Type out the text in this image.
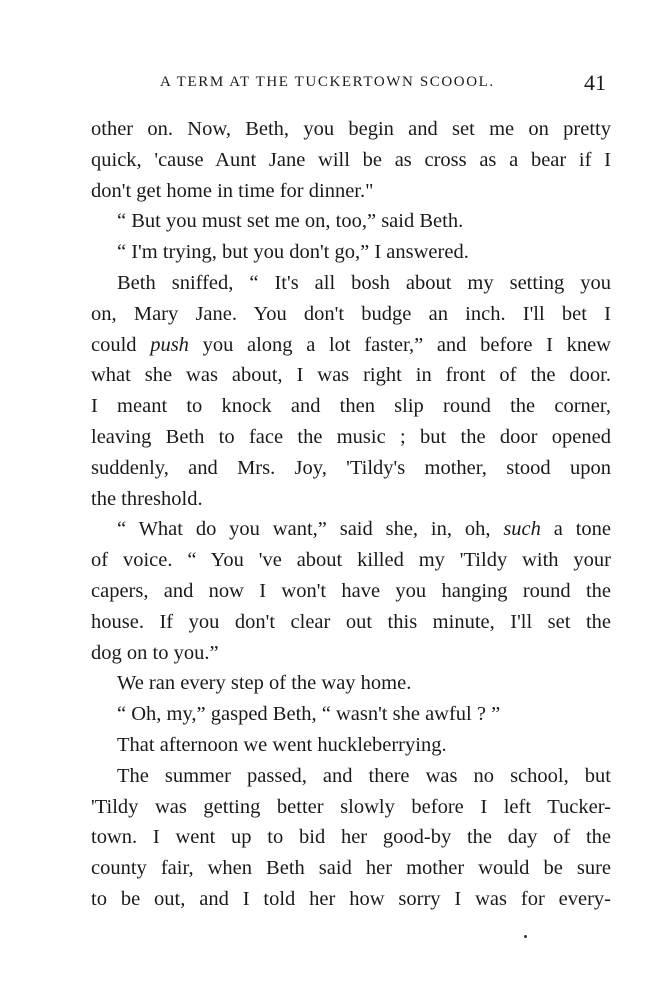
A TERM AT THE TUCKERTOWN SCOOOL.	41
other on. Now, Beth, you begin and set me on pretty
quick, 'cause Aunt Jane will be as cross as a bear if I
don't get home in time for dinner."
“ But you must set me on, too,” said Beth.
“ I'm trying, but you don't go,” I answered.
Beth sniffed, “ It's all bosh about my setting you
on, Mary Jane. You don't budge an inch. I'll bet I
could push you along a lot faster,” and before I knew
what she was about, I was right in front of the door.
I meant to knock and then slip round the corner,
leaving Beth to face the music ; but the door opened
suddenly, and Mrs. Joy, 'Tildy's mother, stood upon
the threshold.
“ What do you want,” said she, in, oh, such a tone
of voice. “ You 've about killed my 'Tildy with your
capers, and now I won't have you hanging round the
house. If you don't clear out this minute, I'll set the
dog on to you.”
We ran every step of the way home.
“ Oh, my,” gasped Beth, “ wasn't she awful ? ”
That afternoon we went huckleberrying.
The summer passed, and there was no school, but
'Tildy was getting better slowly before I left Tucker-
town. I went up to bid her good-by the day of the
county fair, when Beth said her mother would be sure
to be out, and I told her how sorry I was for every-
